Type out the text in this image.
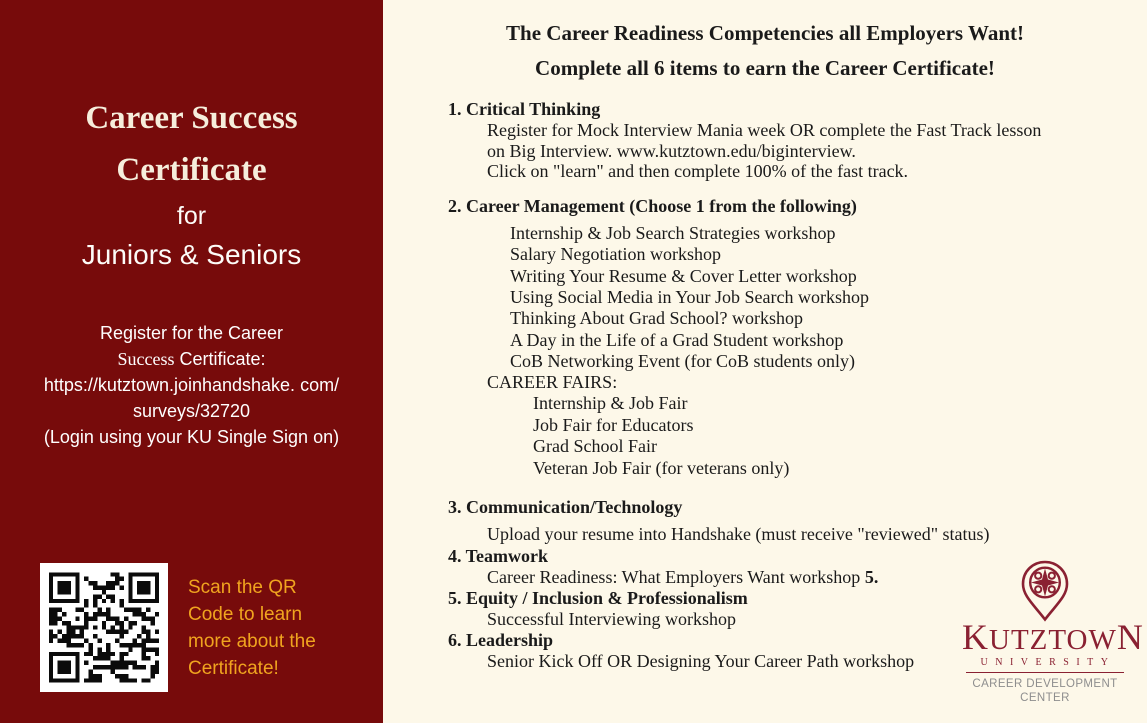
Career Success
Certificate
for
Juniors & Seniors
Register for the Career
Success Certificate:
https://kutztown.joinhandshake. com/
surveys/32720
(Login using your KU Single Sign on)
Scan the QR
Code to learn
more about the
Certificate!
The Career Readiness Competencies all Employers Want!
Complete all 6 items to earn the Career Certificate!
1. Critical Thinking
Register for Mock Interview Mania week OR complete the Fast Track lesson
on Big Interview. www.kutztown.edu/biginterview.
Click on "learn" and then complete 100% of the fast track.
2. Career Management (Choose 1 from the following)
Internship & Job Search Strategies workshop
Salary Negotiation workshop
Writing Your Resume & Cover Letter workshop
Using Social Media in Your Job Search workshop
Thinking About Grad School? workshop
A Day in the Life of a Grad Student workshop
CoB Networking Event (for CoB students only)
CAREER FAIRS:
Internship & Job Fair
Job Fair for Educators
Grad School Fair
Veteran Job Fair (for veterans only)
3. Communication/Technology
Upload your resume into Handshake (must receive "reviewed" status)
4. Teamwork
Career Readiness: What Employers Want workshop 5.
5. Equity / Inclusion & Professionalism
Successful Interviewing workshop
6. Leadership
Senior Kick Off OR Designing Your Career Path workshop
KUTZTOWN
UNIVERSITY
CAREER DEVELOPMENT
CENTER
